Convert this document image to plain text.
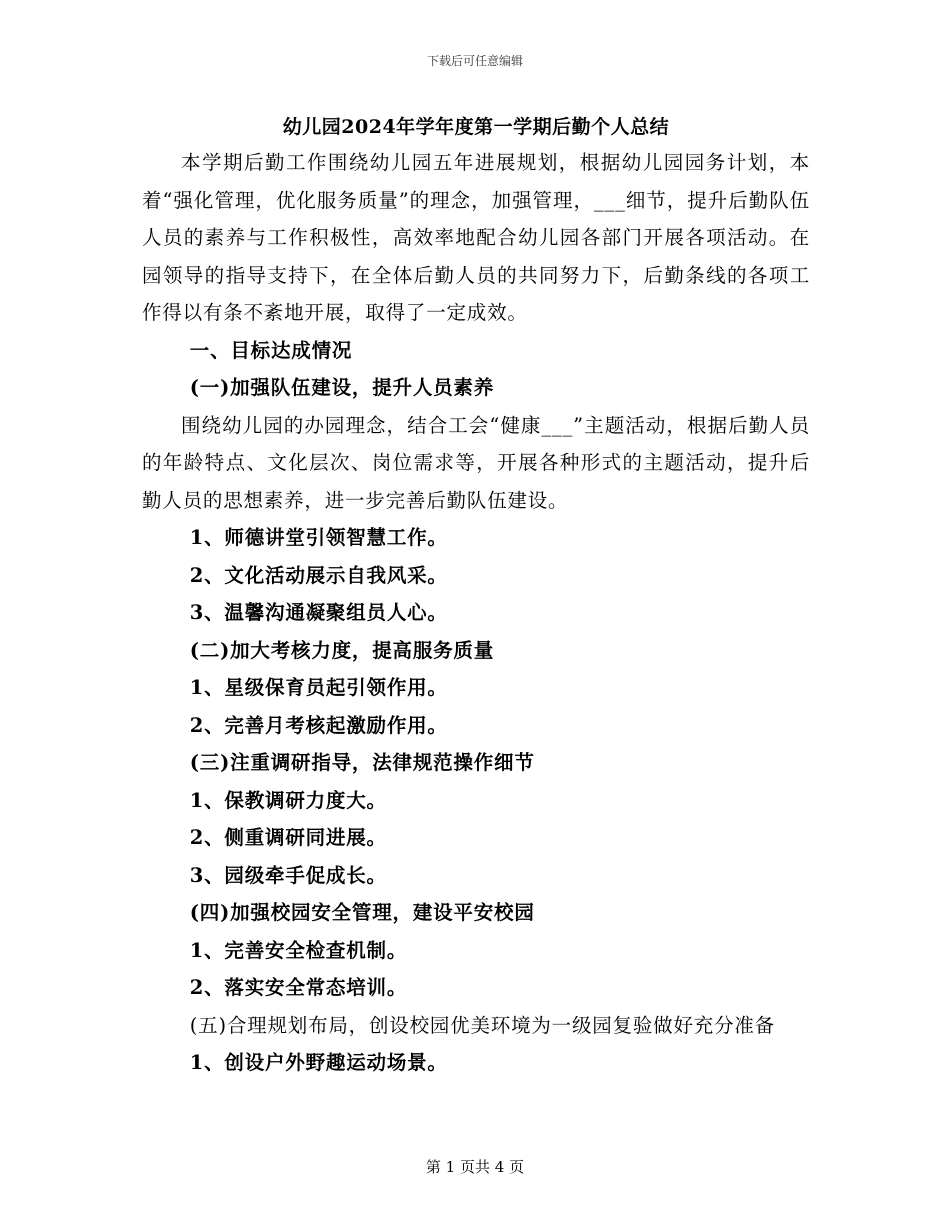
下载后可任意编辑

幼儿园2024年学年度第一学期后勤个人总结

本学期后勤工作围绕幼儿园五年进展规划，根据幼儿园园务计划，本着“强化管理，优化服务质量”的理念，加强管理，___细节，提升后勤队伍人员的素养与工作积极性，高效率地配合幼儿园各部门开展各项活动。在园领导的指导支持下，在全体后勤人员的共同努力下，后勤条线的各项工作得以有条不紊地开展，取得了一定成效。

一、目标达成情况

(一)加强队伍建设，提升人员素养

围绕幼儿园的办园理念，结合工会“健康___”主题活动，根据后勤人员的年龄特点、文化层次、岗位需求等，开展各种形式的主题活动，提升后勤人员的思想素养，进一步完善后勤队伍建设。

1、师德讲堂引领智慧工作。

2、文化活动展示自我风采。

3、温馨沟通凝聚组员人心。

(二)加大考核力度，提高服务质量

1、星级保育员起引领作用。

2、完善月考核起激励作用。

(三)注重调研指导，法律规范操作细节

1、保教调研力度大。

2、侧重调研同进展。

3、园级牵手促成长。

(四)加强校园安全管理，建设平安校园

1、完善安全检查机制。

2、落实安全常态培训。

(五)合理规划布局，创设校园优美环境为一级园复验做好充分准备

1、创设户外野趣运动场景。

第 1 页共 4 页
